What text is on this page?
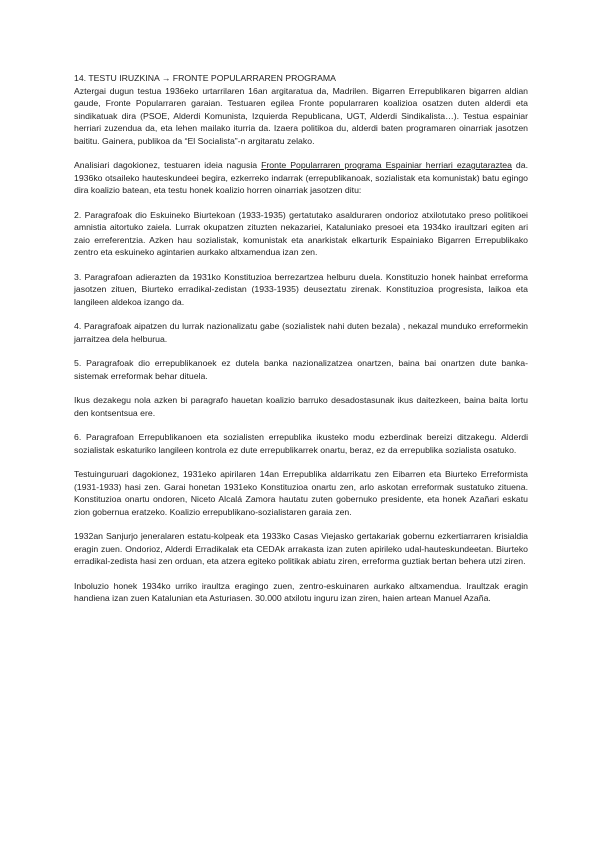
14. TESTU IRUZKINA → FRONTE POPULARRAREN PROGRAMA

Aztergai dugun testua 1936eko urtarrilaren 16an argitaratua da, Madrilen. Bigarren Errepublikaren bigarren aldian gaude, Fronte Popularraren garaian. Testuaren egilea Fronte popularraren koalizioa osatzen duten alderdi eta sindikatuak dira (PSOE, Alderdi Komunista, Izquierda Republicana, UGT, Alderdi Sindikalista…). Testua espainiar herriari zuzendua da, eta lehen mailako iturria da. Izaera politikoa du, alderdi baten programaren oinarriak jasotzen baititu. Gainera, publikoa da “El Socialista”-n argitaratu zelako.

Analisiari dagokionez, testuaren ideia nagusia Fronte Popularraren programa Espainiar herriari ezagutaraztea da. 1936ko otsaileko hauteskundeei begira, ezkerreko indarrak (errepublikanoak, sozialistak eta komunistak) batu egingo dira koalizio batean, eta testu honek koalizio horren oinarriak jasotzen ditu:

2. Paragrafoak dio Eskuineko Biurtekoan (1933-1935) gertatutako asalduraren ondorioz atxilotutako preso politikoei amnistia aitortuko zaiela. Lurrak okupatzen zituzten nekazariei, Kataluniako presoei eta 1934ko iraultzari egiten ari zaio erreferentzia. Azken hau sozialistak, komunistak eta anarkistak elkarturik Espainiako Bigarren Errepublikako zentro eta eskuineko agintarien aurkako altxamendua izan zen.

3. Paragrafoan adierazten da 1931ko Konstituzioa berrezartzea helburu duela. Konstituzio honek hainbat erreforma jasotzen zituen, Biurteko erradikal-zedistan (1933-1935) deuseztatu zirenak. Konstituzioa progresista, laikoa eta langileen aldekoa izango da.

4. Paragrafoak aipatzen du lurrak nazionalizatu gabe (sozialistek nahi duten bezala) , nekazal munduko erreformekin jarraitzea dela helburua.

5. Paragrafoak dio errepublikanoek ez dutela banka nazionalizatzea onartzen, baina bai onartzen dute banka-sistemak erreformak behar dituela.

Ikus dezakegu nola azken bi paragrafo hauetan koalizio barruko desadostasunak ikus daitezkeen, baina baita lortu den kontsentsua ere.

6. Paragrafoan Errepublikanoen eta sozialisten errepublika ikusteko modu ezberdinak bereizi ditzakegu. Alderdi sozialistak eskaturiko langileen kontrola ez dute errepublikarrek onartu, beraz, ez da errepublika sozialista osatuko.

Testuinguruari dagokionez, 1931eko apirilaren 14an Errepublika aldarrikatu zen Eibarren eta Biurteko Erreformista (1931-1933) hasi zen. Garai honetan 1931eko Konstituzioa onartu zen, arlo askotan erreformak sustatuko zituena. Konstituzioa onartu ondoren, Niceto Alcalá Zamora hautatu zuten gobernuko presidente, eta honek Azañari eskatu zion gobernua eratzeko. Koalizio errepublikano-sozialistaren garaia zen.

1932an Sanjurjo jeneralaren estatu-kolpeak eta 1933ko Casas Viejasko gertakariak gobernu ezkertiarraren krisialdia eragin zuen. Ondorioz, Alderdi Erradikalak eta CEDAk arrakasta izan zuten apirileko udal-hauteskundeetan. Biurteko erradikal-zedista hasi zen orduan, eta atzera egiteko politikak abiatu ziren, erreforma guztiak bertan behera utzi ziren.

Inboluzio honek 1934ko urriko iraultza eragingo zuen, zentro-eskuinaren aurkako altxamendua. Iraultzak eragin handiena izan zuen Katalunian eta Asturiasen. 30.000 atxilotu inguru izan ziren, haien artean Manuel Azaña.
